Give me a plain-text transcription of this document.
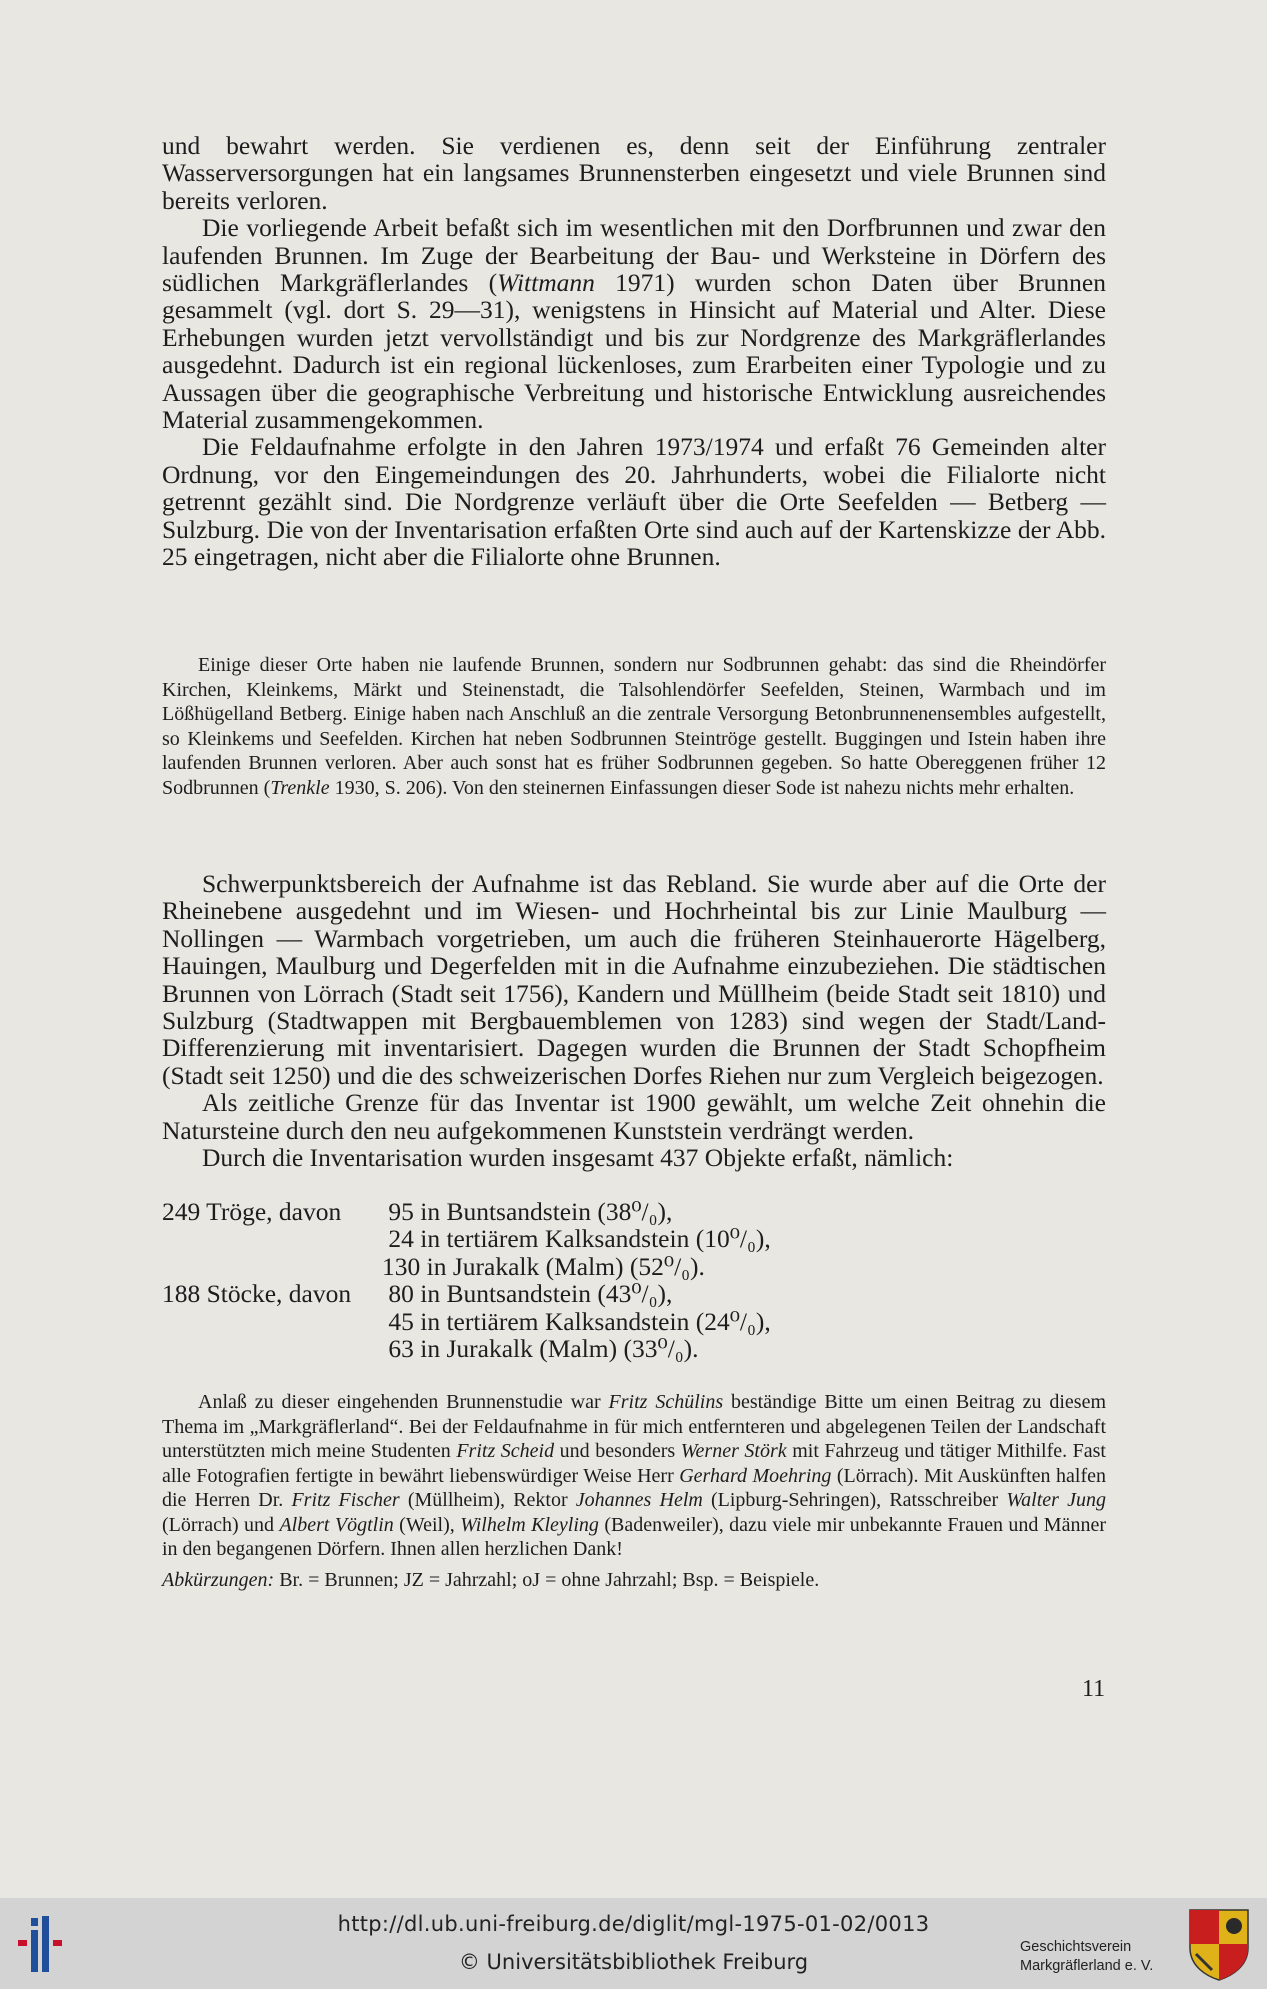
und bewahrt werden. Sie verdienen es, denn seit der Einführung zentraler Wasserversorgungen hat ein langsames Brunnensterben eingesetzt und viele Brunnen sind bereits verloren.

Die vorliegende Arbeit befaßt sich im wesentlichen mit den Dorfbrunnen und zwar den laufenden Brunnen. Im Zuge der Bearbeitung der Bau- und Werksteine in Dörfern des südlichen Markgräflerlandes (Wittmann 1971) wurden schon Daten über Brunnen gesammelt (vgl. dort S. 29—31), wenigstens in Hinsicht auf Material und Alter. Diese Erhebungen wurden jetzt vervollständigt und bis zur Nordgrenze des Markgräflerlandes ausgedehnt. Dadurch ist ein regional lückenloses, zum Erarbeiten einer Typologie und zu Aussagen über die geographische Verbreitung und historische Entwicklung ausreichendes Material zusammengekommen.

Die Feldaufnahme erfolgte in den Jahren 1973/1974 und erfaßt 76 Gemeinden alter Ordnung, vor den Eingemeindungen des 20. Jahrhunderts, wobei die Filialorte nicht getrennt gezählt sind. Die Nordgrenze verläuft über die Orte Seefelden — Betberg — Sulzburg. Die von der Inventarisation erfaßten Orte sind auch auf der Kartenskizze der Abb. 25 eingetragen, nicht aber die Filialorte ohne Brunnen.

Einige dieser Orte haben nie laufende Brunnen, sondern nur Sodbrunnen gehabt: das sind die Rheindörfer Kirchen, Kleinkems, Märkt und Steinenstadt, die Talsohlendörfer Seefelden, Steinen, Warmbach und im Lößhügelland Betberg. Einige haben nach Anschluß an die zentrale Versorgung Betonbrunnenensembles aufgestellt, so Kleinkems und Seefelden. Kirchen hat neben Sodbrunnen Steintröge gestellt. Buggingen und Istein haben ihre laufenden Brunnen verloren. Aber auch sonst hat es früher Sodbrunnen gegeben. So hatte Obereggenen früher 12 Sodbrunnen (Trenkle 1930, S. 206). Von den steinernen Einfassungen dieser Sode ist nahezu nichts mehr erhalten.

Schwerpunktsbereich der Aufnahme ist das Rebland. Sie wurde aber auf die Orte der Rheinebene ausgedehnt und im Wiesen- und Hochrheintal bis zur Linie Maulburg — Nollingen — Warmbach vorgetrieben, um auch die früheren Steinhauerorte Hägelberg, Hauingen, Maulburg und Degerfelden mit in die Aufnahme einzubeziehen. Die städtischen Brunnen von Lörrach (Stadt seit 1756), Kandern und Müllheim (beide Stadt seit 1810) und Sulzburg (Stadtwappen mit Bergbauemblemen von 1283) sind wegen der Stadt/Land-Differenzierung mit inventarisiert. Dagegen wurden die Brunnen der Stadt Schopfheim (Stadt seit 1250) und die des schweizerischen Dorfes Riehen nur zum Vergleich beigezogen.

Als zeitliche Grenze für das Inventar ist 1900 gewählt, um welche Zeit ohnehin die Natursteine durch den neu aufgekommenen Kunststein verdrängt werden.

Durch die Inventarisation wurden insgesamt 437 Objekte erfaßt, nämlich:

249 Tröge, davon	95 in Buntsandstein (38⁰/₀),
24 in tertiärem Kalksandstein (10⁰/₀),
130 in Jurakalk (Malm) (52⁰/₀).
188 Stöcke, davon	80 in Buntsandstein (43⁰/₀),
45 in tertiärem Kalksandstein (24⁰/₀),
63 in Jurakalk (Malm) (33⁰/₀).

Anlaß zu dieser eingehenden Brunnenstudie war Fritz Schülins beständige Bitte um einen Beitrag zu diesem Thema im „Markgräflerland“. Bei der Feldaufnahme in für mich entfernteren und abgelegenen Teilen der Landschaft unterstützten mich meine Studenten Fritz Scheid und besonders Werner Störk mit Fahrzeug und tätiger Mithilfe. Fast alle Fotografien fertigte in bewährt liebenswürdiger Weise Herr Gerhard Moehring (Lörrach). Mit Auskünften halfen die Herren Dr. Fritz Fischer (Müllheim), Rektor Johannes Helm (Lipburg-Sehringen), Ratsschreiber Walter Jung (Lörrach) und Albert Vögtlin (Weil), Wilhelm Kleyling (Badenweiler), dazu viele mir unbekannte Frauen und Männer in den begangenen Dörfern. Ihnen allen herzlichen Dank!

Abkürzungen: Br. = Brunnen; JZ = Jahrzahl; oJ = ohne Jahrzahl; Bsp. = Beispiele.

11
http://dl.ub.uni-freiburg.de/diglit/mgl-1975-01-02/0013
© Universitätsbibliothek Freiburg
Geschichtsverein
Markgräflerland e. V.
